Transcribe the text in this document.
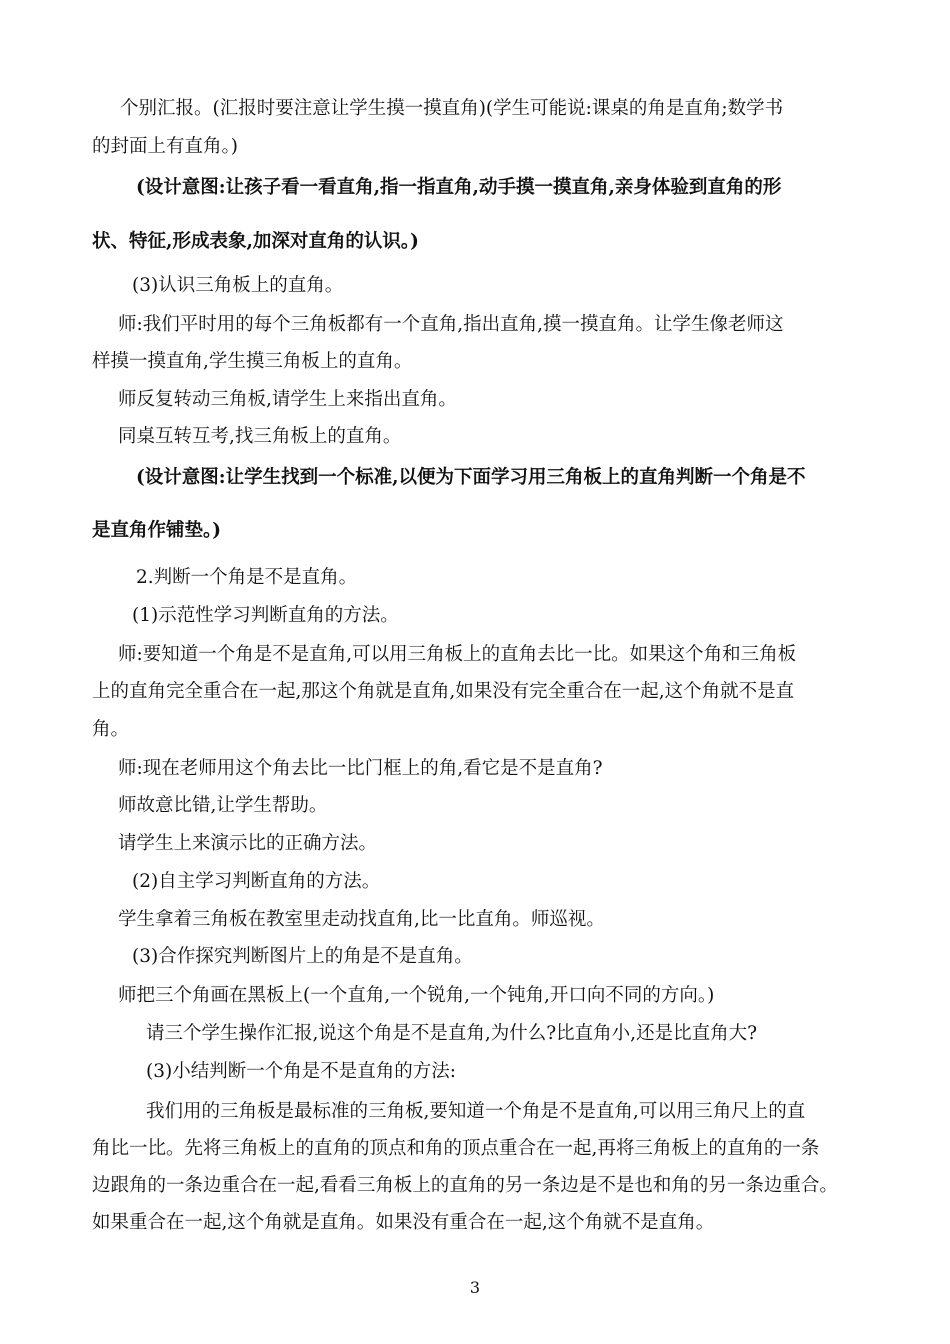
个别汇报。(汇报时要注意让学生摸一摸直角)(学生可能说:课桌的角是直角;数学书
的封面上有直角。)
(设计意图:让孩子看一看直角,指一指直角,动手摸一摸直角,亲身体验到直角的形
状、特征,形成表象,加深对直角的认识。)
(3)认识三角板上的直角。
师:我们平时用的每个三角板都有一个直角,指出直角,摸一摸直角。让学生像老师这
样摸一摸直角,学生摸三角板上的直角。
师反复转动三角板,请学生上来指出直角。
同桌互转互考,找三角板上的直角。
(设计意图:让学生找到一个标准,以便为下面学习用三角板上的直角判断一个角是不
是直角作铺垫。)
2.判断一个角是不是直角。
(1)示范性学习判断直角的方法。
师:要知道一个角是不是直角,可以用三角板上的直角去比一比。如果这个角和三角板
上的直角完全重合在一起,那这个角就是直角,如果没有完全重合在一起,这个角就不是直
角。
师:现在老师用这个角去比一比门框上的角,看它是不是直角?
师故意比错,让学生帮助。
请学生上来演示比的正确方法。
(2)自主学习判断直角的方法。
学生拿着三角板在教室里走动找直角,比一比直角。师巡视。
(3)合作探究判断图片上的角是不是直角。
师把三个角画在黑板上(一个直角,一个锐角,一个钝角,开口向不同的方向。)
请三个学生操作汇报,说这个角是不是直角,为什么?比直角小,还是比直角大?
(3)小结判断一个角是不是直角的方法:
我们用的三角板是最标准的三角板,要知道一个角是不是直角,可以用三角尺上的直
角比一比。先将三角板上的直角的顶点和角的顶点重合在一起,再将三角板上的直角的一条
边跟角的一条边重合在一起,看看三角板上的直角的另一条边是不是也和角的另一条边重合。
如果重合在一起,这个角就是直角。如果没有重合在一起,这个角就不是直角。
3
